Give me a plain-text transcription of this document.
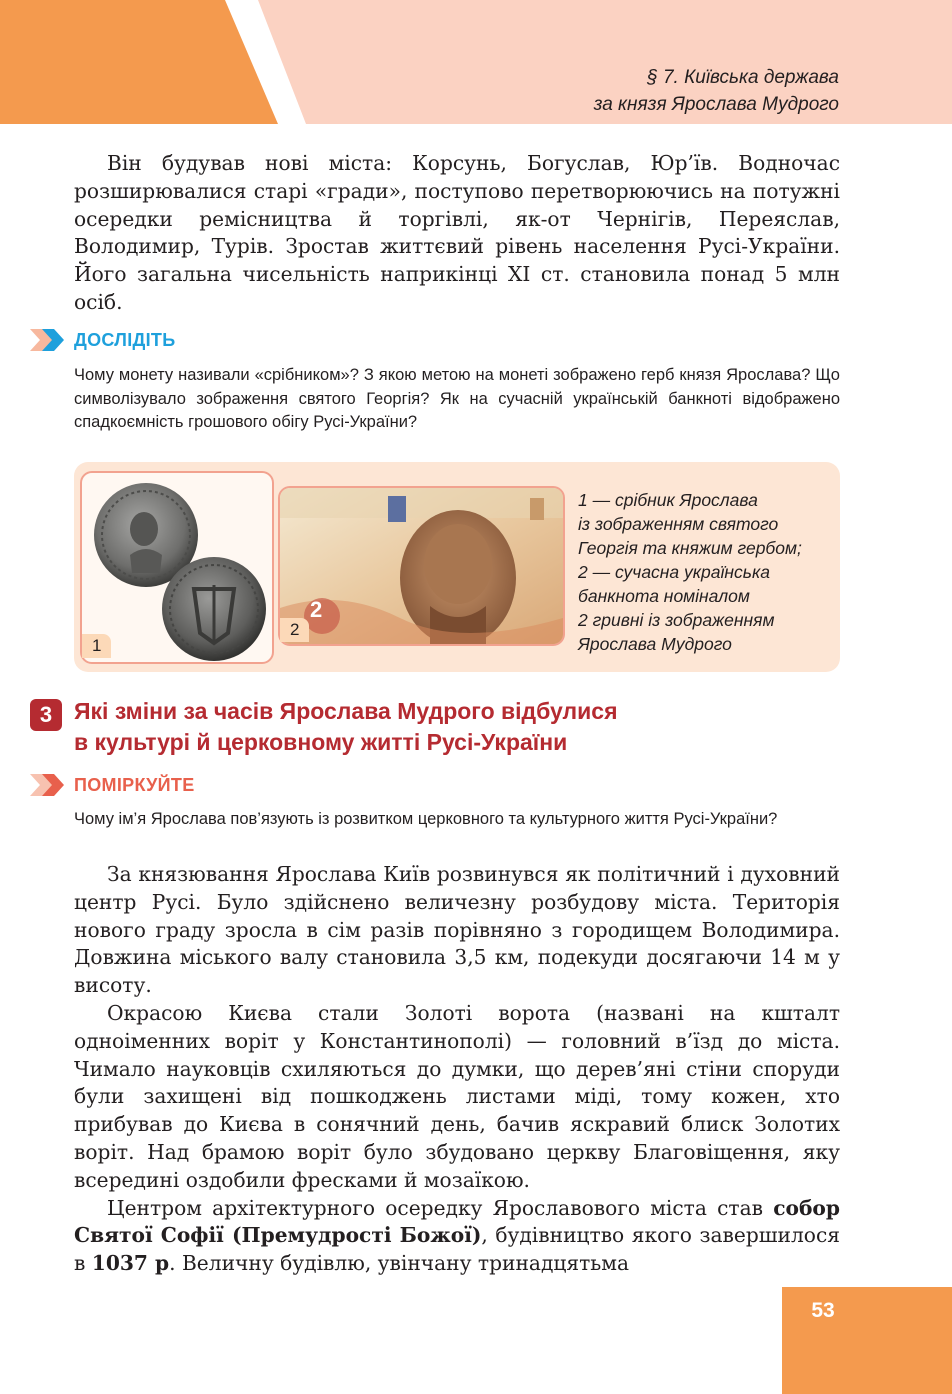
§ 7. Київська держава
за князя Ярослава Мудрого

Він будував нові міста: Корсунь, Богуслав, Юр’їв. Водночас розширювалися старі «гради», поступово перетворюючись на потужні осередки ремісництва й торгівлі, як-от Чернігів, Переяслав, Володимир, Турів. Зростав життєвий рівень населення Русі-України. Його загальна чисельність наприкінці ХІ ст. становила понад 5 млн осіб.

ДОСЛІДІТЬ
Чому монету називали «срібником»? З якою метою на монеті зображено герб князя Ярослава? Що символізувало зображення святого Георгія? Як на сучасній українській банкноті відображено спадкоємність грошового обігу Русі-України?
1
2
2
1 — срібник Ярослава
із зображенням святого
Георгія та княжим гербом;
2 — сучасна українська
банкнота номіналом
2 гривні із зображенням
Ярослава Мудрого
3 Які зміни за часів Ярослава Мудрого відбулися
в культурі й церковному житті Русі-України
ПОМІРКУЙТЕ
Чому ім’я Ярослава пов’язують із розвитком церковного та культурного життя Русі-України?

За князювання Ярослава Київ розвинувся як політичний і духовний центр Русі. Було здійснено величезну розбудову міста. Територія нового граду зросла в сім разів порівняно з городищем Володимира. Довжина міського валу становила 3,5 км, подекуди досягаючи 14 м у висоту.

Окрасою Києва стали Золоті ворота (названі на кшталт одноіменних воріт у Константинополі) — головний в’їзд до міста. Чимало науковців схиляються до думки, що дерев’яні стіни споруди були захищені від пошкоджень листами міді, тому кожен, хто прибував до Києва в сонячний день, бачив яскравий блиск Золотих воріт. Над брамою воріт було збудовано церкву Благовіщення, яку всередині оздобили фресками й мозаїкою.

Центром архітектурного осередку Ярославового міста став собор Святої Софії (Премудрості Божої), будівництво якого завершилося в 1037 р. Величну будівлю, увінчану тринадцятьма

53
